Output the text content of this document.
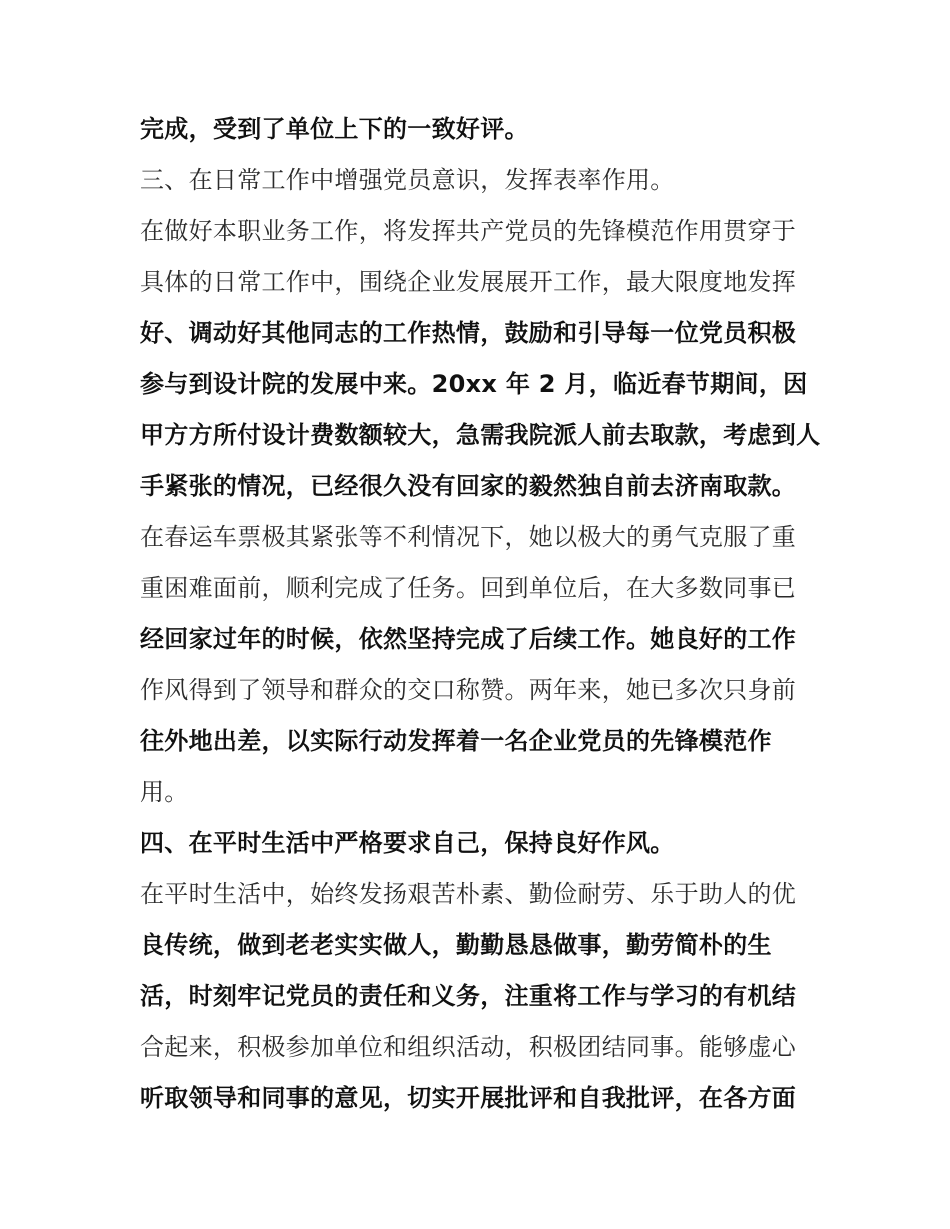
完成，受到了单位上下的一致好评。
三、在日常工作中增强党员意识，发挥表率作用。
在做好本职业务工作，将发挥共产党员的先锋模范作用贯穿于
具体的日常工作中，围绕企业发展展开工作，最大限度地发挥
好、调动好其他同志的工作热情，鼓励和引导每一位党员积极
参与到设计院的发展中来。20xx 年 2 月，临近春节期间，因
甲方方所付设计费数额较大，急需我院派人前去取款，考虑到人
手紧张的情况，已经很久没有回家的毅然独自前去济南取款。
在春运车票极其紧张等不利情况下，她以极大的勇气克服了重
重困难面前，顺利完成了任务。回到单位后，在大多数同事已
经回家过年的时候，依然坚持完成了后续工作。她良好的工作
作风得到了领导和群众的交口称赞。两年来，她已多次只身前
往外地出差，以实际行动发挥着一名企业党员的先锋模范作
用。
四、在平时生活中严格要求自己，保持良好作风。
在平时生活中，始终发扬艰苦朴素、勤俭耐劳、乐于助人的优
良传统，做到老老实实做人，勤勤恳恳做事，勤劳简朴的生
活，时刻牢记党员的责任和义务，注重将工作与学习的有机结
合起来，积极参加单位和组织活动，积极团结同事。能够虚心
听取领导和同事的意见，切实开展批评和自我批评，在各方面
